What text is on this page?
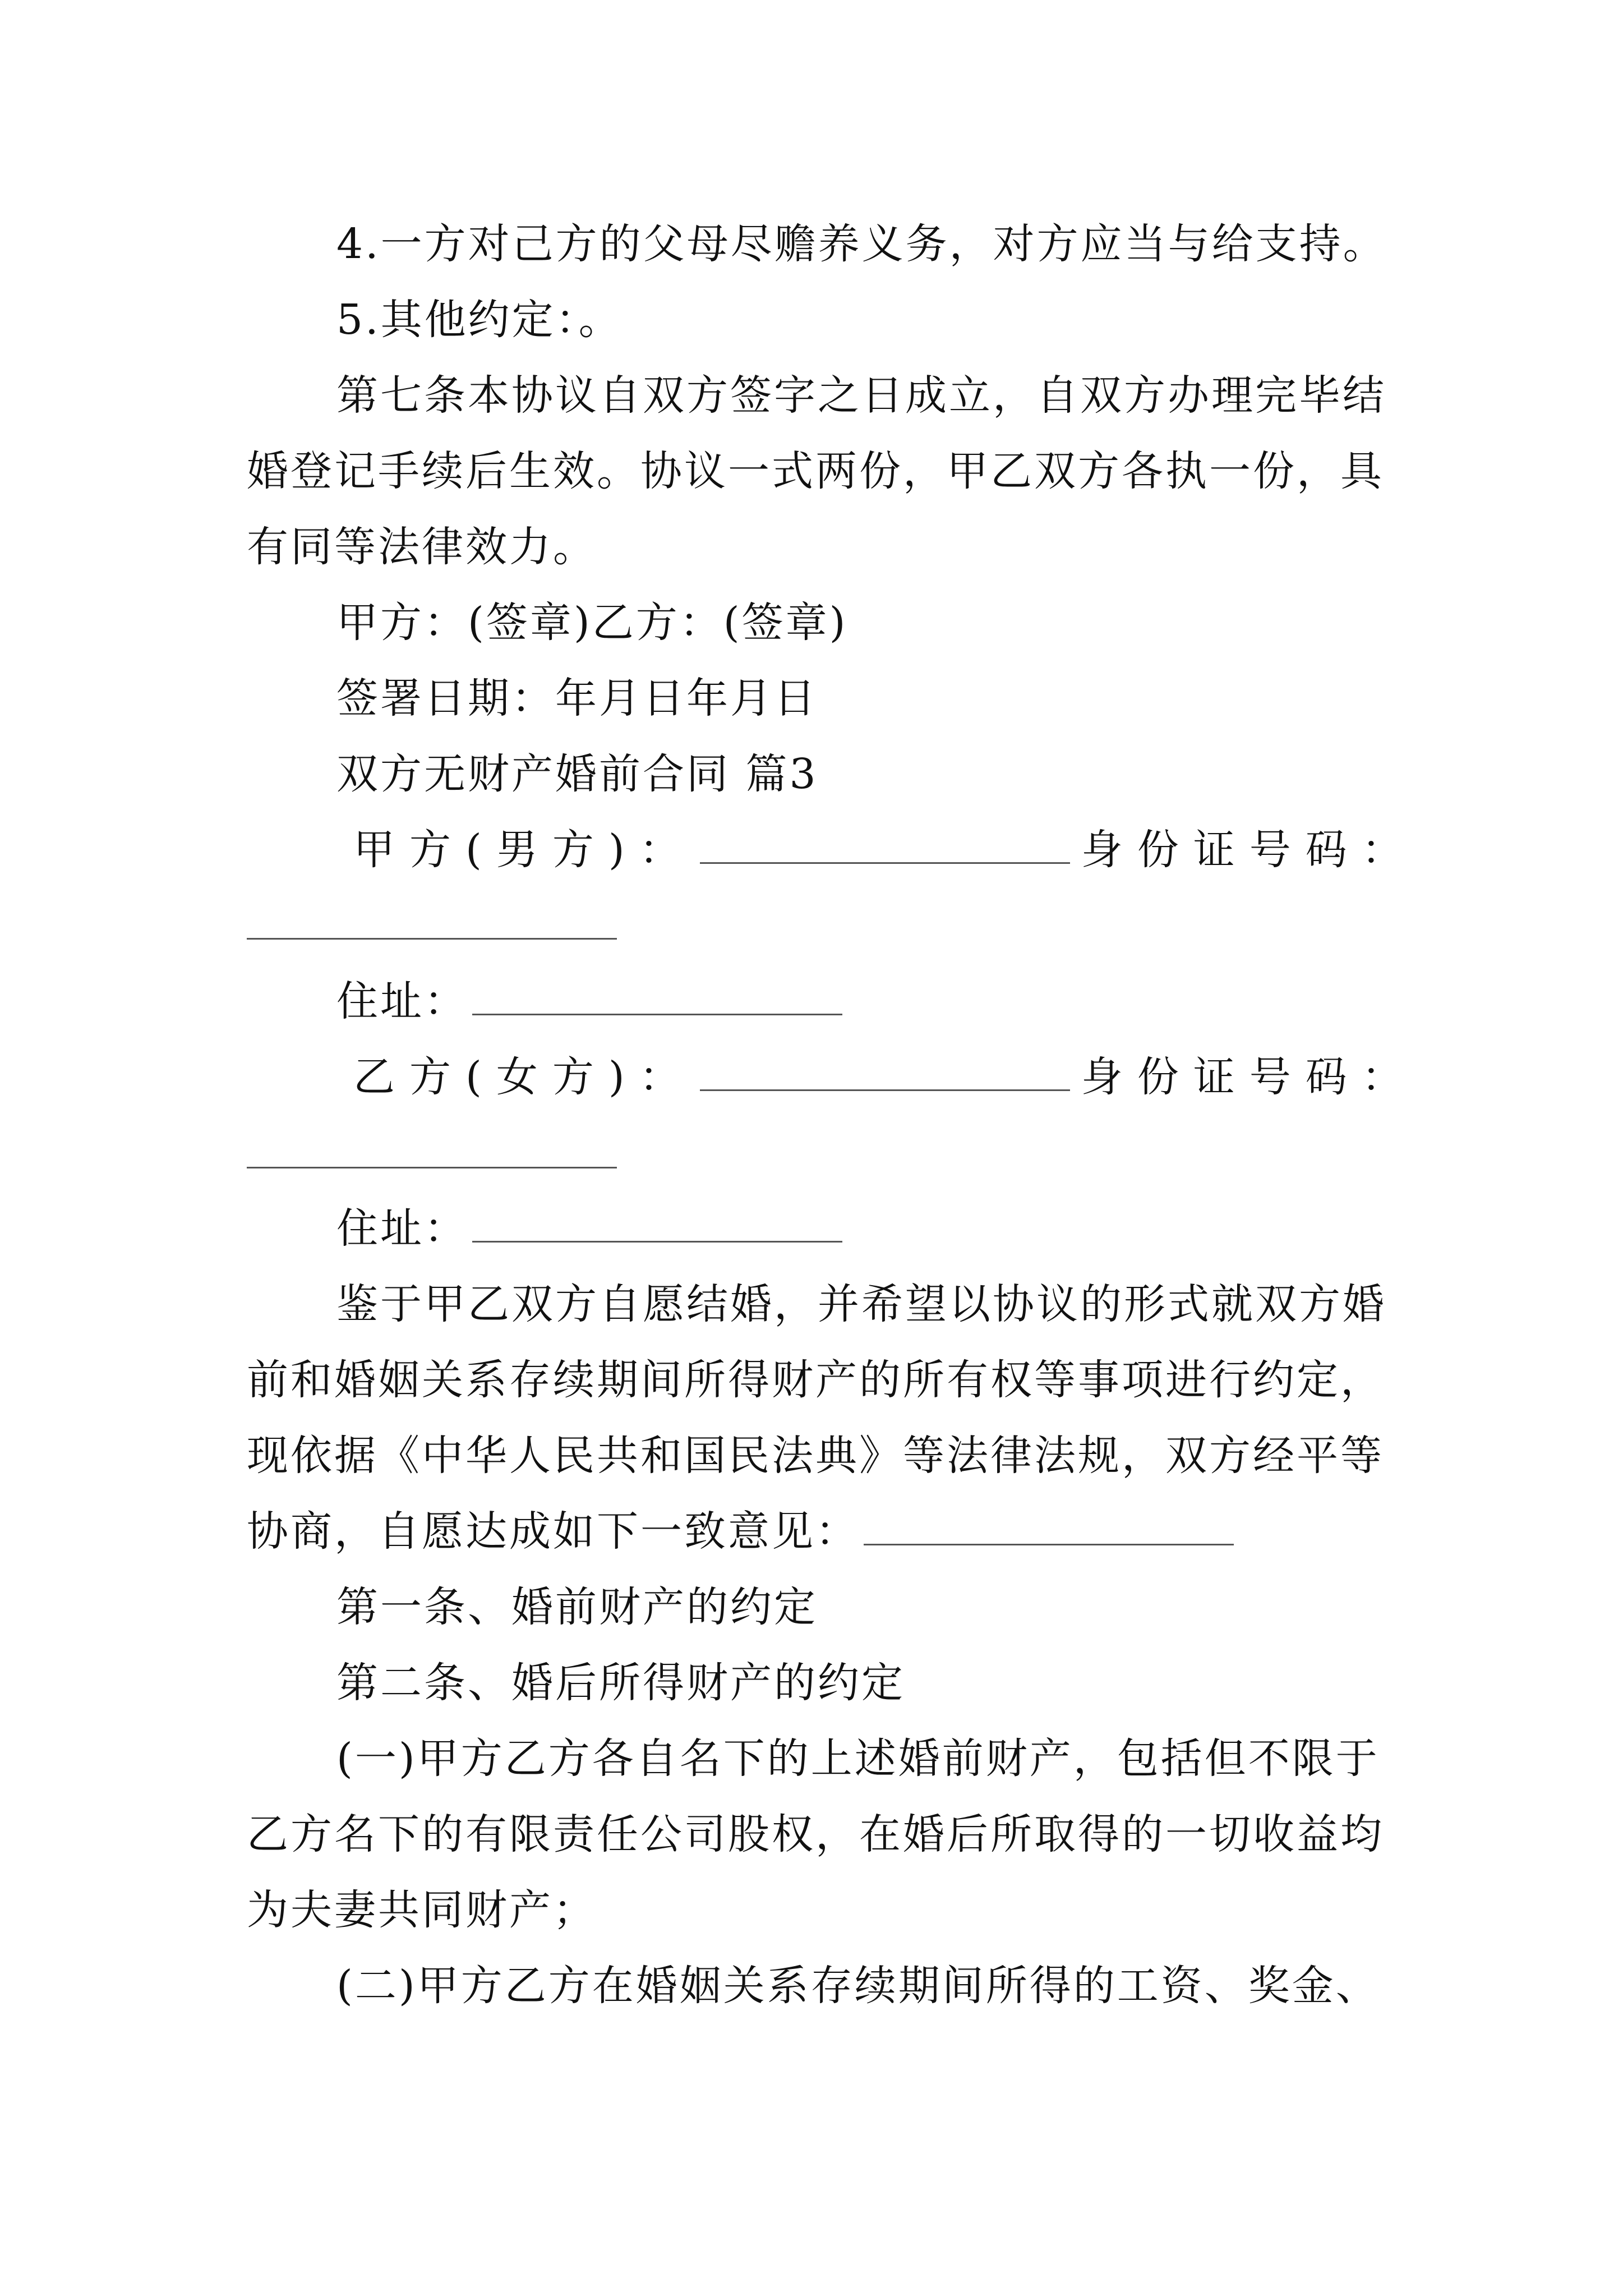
4.一方对己方的父母尽赡养义务，对方应当与给支持。
5.其他约定：。
第七条本协议自双方签字之日成立，自双方办理完毕结
婚登记手续后生效。协议一式两份，甲乙双方各执一份，具
有同等法律效力。
甲方：(签章)乙方：(签章)
签署日期：年月日年月日
双方无财产婚前合同 篇3
甲方(男方)：	身份证号码：
住址：
乙方(女方)：	身份证号码：
住址：
鉴于甲乙双方自愿结婚，并希望以协议的形式就双方婚
前和婚姻关系存续期间所得财产的所有权等事项进行约定，
现依据《中华人民共和国民法典》等法律法规，双方经平等
协商，自愿达成如下一致意见：
第一条、婚前财产的约定
第二条、婚后所得财产的约定
(一)甲方乙方各自名下的上述婚前财产，包括但不限于
乙方名下的有限责任公司股权，在婚后所取得的一切收益均
为夫妻共同财产；
(二)甲方乙方在婚姻关系存续期间所得的工资、奖金、
